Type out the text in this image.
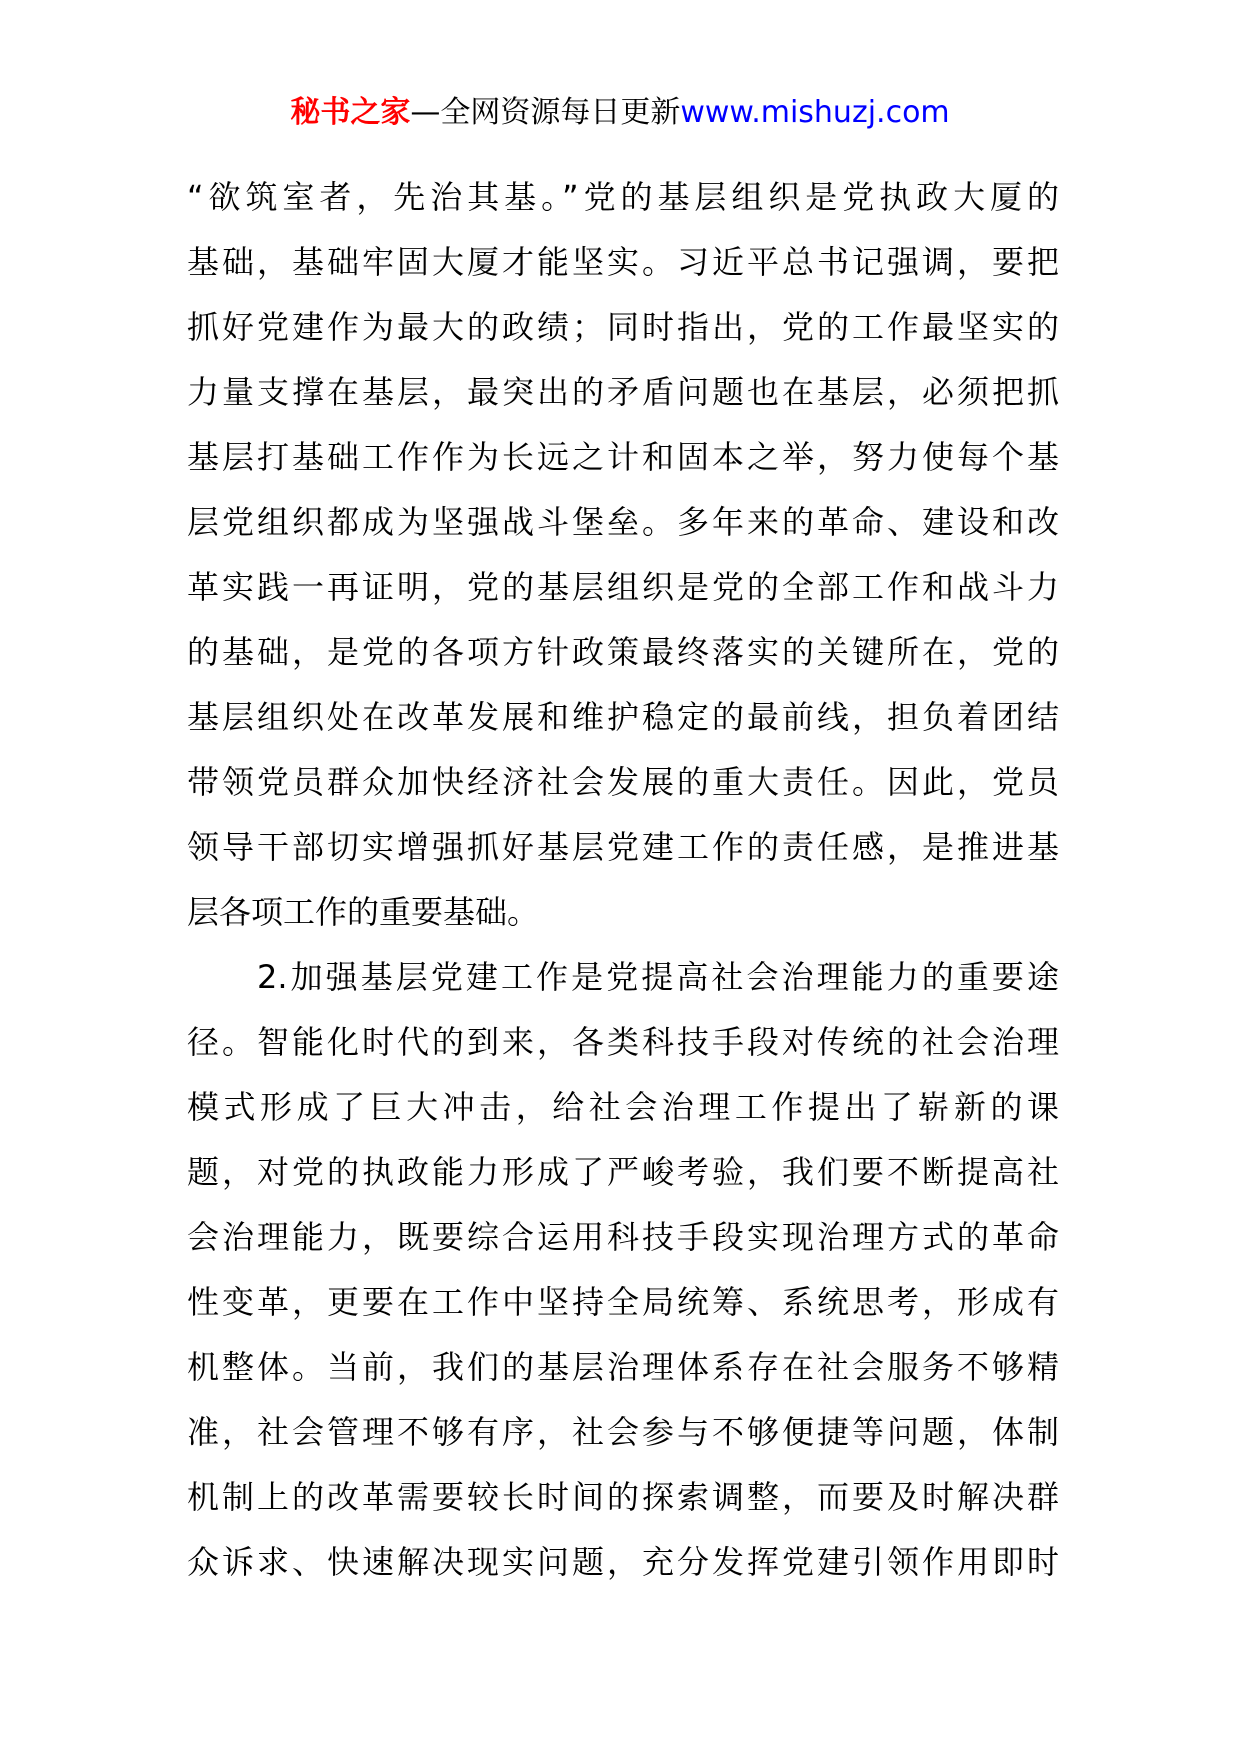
秘书之家—全网资源每日更新www.mishuzj.com
“欲筑室者，先治其基。”党的基层组织是党执政大厦的
基础，基础牢固大厦才能坚实。习近平总书记强调，要把
抓好党建作为最大的政绩；同时指出，党的工作最坚实的
力量支撑在基层，最突出的矛盾问题也在基层，必须把抓
基层打基础工作作为长远之计和固本之举，努力使每个基
层党组织都成为坚强战斗堡垒。多年来的革命、建设和改
革实践一再证明，党的基层组织是党的全部工作和战斗力
的基础，是党的各项方针政策最终落实的关键所在，党的
基层组织处在改革发展和维护稳定的最前线，担负着团结
带领党员群众加快经济社会发展的重大责任。因此，党员
领导干部切实增强抓好基层党建工作的责任感，是推进基
层各项工作的重要基础。
2.加强基层党建工作是党提高社会治理能力的重要途
径。智能化时代的到来，各类科技手段对传统的社会治理
模式形成了巨大冲击，给社会治理工作提出了崭新的课
题，对党的执政能力形成了严峻考验，我们要不断提高社
会治理能力，既要综合运用科技手段实现治理方式的革命
性变革，更要在工作中坚持全局统筹、系统思考，形成有
机整体。当前，我们的基层治理体系存在社会服务不够精
准，社会管理不够有序，社会参与不够便捷等问题，体制
机制上的改革需要较长时间的探索调整，而要及时解决群
众诉求、快速解决现实问题，充分发挥党建引领作用即时
